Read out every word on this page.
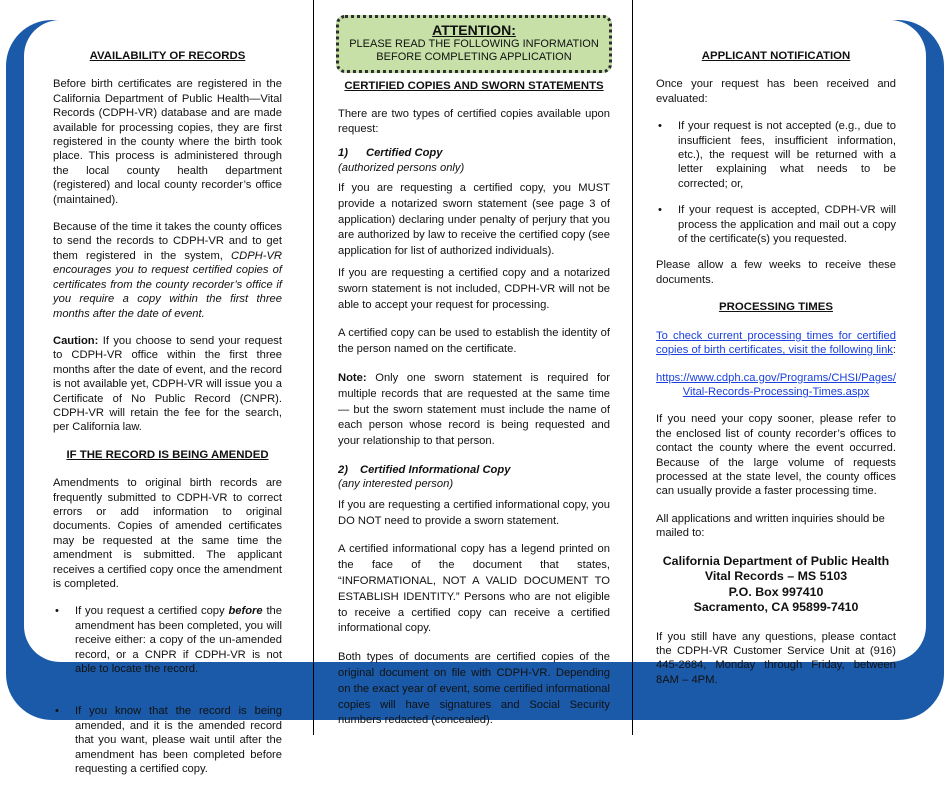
ATTENTION:
PLEASE READ THE FOLLOWING INFORMATION
BEFORE COMPLETING APPLICATION
AVAILABILITY OF RECORDS

Before birth certificates are registered in the California Department of Public Health—Vital Records (CDPH-VR) database and are made available for processing copies, they are first registered in the county where the birth took place. This process is administered through the local county health department (registered) and local county recorder’s office (maintained).

Because of the time it takes the county offices to send the records to CDPH-VR and to get them registered in the system, CDPH-VR encourages you to request certified copies of certificates from the county recorder’s office if you require a copy within the first three months after the date of event.

Caution: If you choose to send your request to CDPH-VR office within the first three months after the date of event, and the record is not available yet, CDPH-VR will issue you a Certificate of No Public Record (CNPR). CDPH-VR will retain the fee for the search, per California law.

IF THE RECORD IS BEING AMENDED

Amendments to original birth records are frequently submitted to CDPH-VR to correct errors or add information to original documents. Copies of amended certificates may be requested at the same time the amendment is submitted. The applicant receives a certified copy once the amendment is completed.

•	If you request a certified copy before the amendment has been completed, you will receive either: a copy of the un-amended record, or a CNPR if CDPH-VR is not able to locate the record.
•	If you know that the record is being amended, and it is the amended record that you want, please wait until after the amendment has been completed before requesting a certified copy.
CERTIFIED COPIES AND SWORN STATEMENTS

There are two types of certified copies available upon request:

1) Certified Copy

(authorized persons only)

If you are requesting a certified copy, you MUST provide a notarized sworn statement (see page 3 of application) declaring under penalty of perjury that you are authorized by law to receive the certified copy (see application for list of authorized individuals).

If you are requesting a certified copy and a notarized sworn statement is not included, CDPH-VR will not be able to accept your request for processing.

A certified copy can be used to establish the identity of the person named on the certificate.

Note: Only one sworn statement is required for multiple records that are requested at the same time — but the sworn statement must include the name of each person whose record is being requested and your relationship to that person.

2) Certified Informational Copy

(any interested person)

If you are requesting a certified informational copy, you DO NOT need to provide a sworn statement.

A certified informational copy has a legend printed on the face of the document that states, “INFORMATIONAL, NOT A VALID DOCUMENT TO ESTABLISH IDENTITY.” Persons who are not eligible to receive a certified copy can receive a certified informational copy.

Both types of documents are certified copies of the original document on file with CDPH-VR. Depending on the exact year of event, some certified informational copies will have signatures and Social Security numbers redacted (concealed).

APPLICANT NOTIFICATION

Once your request has been received and evaluated:

•	If your request is not accepted (e.g., due to insufficient fees, insufficient information, etc.), the request will be returned with a letter explaining what needs to be corrected; or,
•	If your request is accepted, CDPH-VR will process the application and mail out a copy of the certificate(s) you requested.

Please allow a few weeks to receive these documents.

PROCESSING TIMES

To check current processing times for certified copies of birth certificates, visit the following link:

https://www.cdph.ca.gov/Programs/CHSI/Pages/
Vital-Records-Processing-Times.aspx

If you need your copy sooner, please refer to the enclosed list of county recorder’s offices to contact the county where the event occurred. Because of the large volume of requests processed at the state level, the county offices can usually provide a faster processing time.

All applications and written inquiries should be mailed to:

California Department of Public Health
Vital Records – MS 5103
P.O. Box 997410
Sacramento, CA 95899-7410

If you still have any questions, please contact the CDPH-VR Customer Service Unit at (916) 445-2684, Monday through Friday, between 8AM – 4PM.
